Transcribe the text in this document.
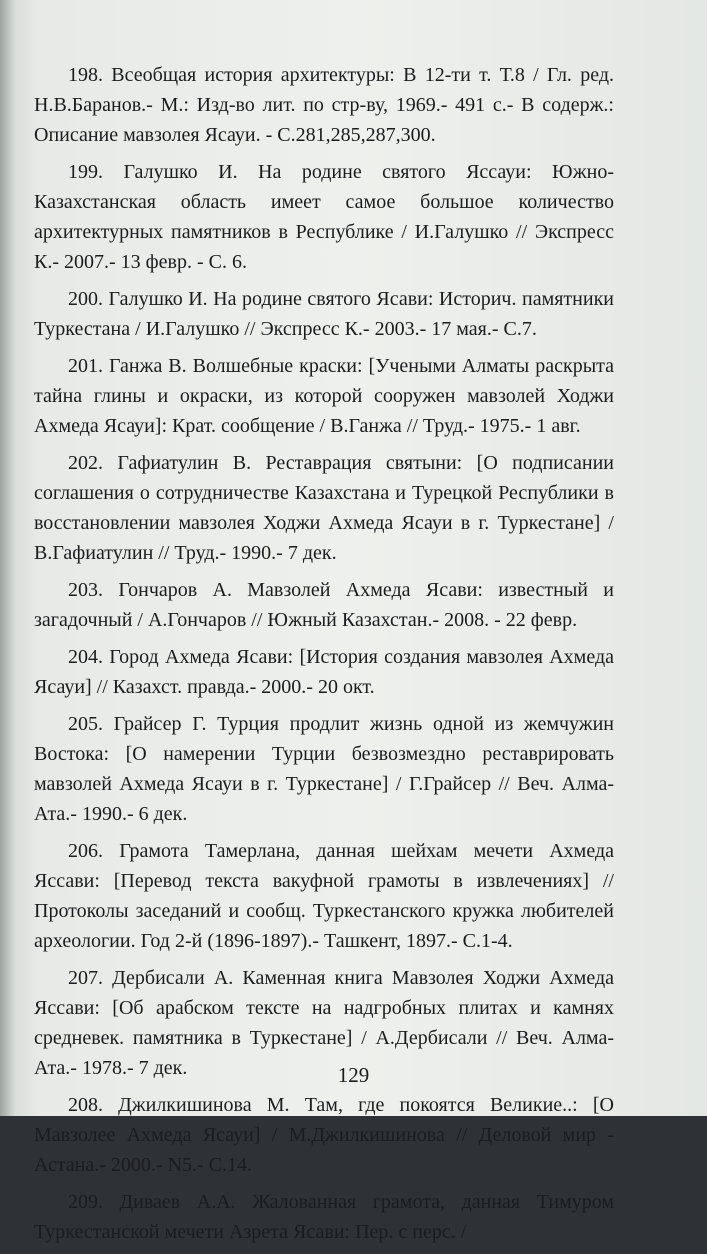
198. Всеобщая история архитектуры: В 12-ти т. Т.8 / Гл. ред. Н.В.Баранов.- М.: Изд-во лит. по стр-ву, 1969.- 491 с.- В содерж.: Описание мавзолея Ясауи. - С.281,285,287,300.

199. Галушко И. На родине святого Яссауи: Южно-Казахстанская область имеет самое большое количество архитектурных памятников в Республике / И.Галушко // Экспресс К.- 2007.- 13 февр. - С. 6.

200. Галушко И. На родине святого Ясави: Историч. памятники Туркестана / И.Галушко // Экспресс К.- 2003.- 17 мая.- С.7.

201. Ганжа В. Волшебные краски: [Учеными Алматы раскрыта тайна глины и окраски, из которой сооружен мавзолей Ходжи Ахмеда Ясауи]: Крат. сообщение / В.Ганжа // Труд.- 1975.- 1 авг.

202. Гафиатулин В. Реставрация святыни: [О подписании соглашения о сотрудничестве Казахстана и Турецкой Республики в восстановлении мавзолея Ходжи Ахмеда Ясауи в г. Туркестане] / В.Гафиатулин // Труд.- 1990.- 7 дек.

203. Гончаров А. Мавзолей Ахмеда Ясави: известный и загадочный / А.Гончаров // Южный Казахстан.- 2008. - 22 февр.

204. Город Ахмеда Ясави: [История создания мавзолея Ахмеда Ясауи] // Казахст. правда.- 2000.- 20 окт.

205. Грайсер Г. Турция продлит жизнь одной из жемчужин Востока: [О намерении Турции безвозмездно реставрировать мавзолей Ахмеда Ясауи в г. Туркестане] / Г.Грайсер // Веч. Алма-Ата.- 1990.- 6 дек.

206. Грамота Тамерлана, данная шейхам мечети Ахмеда Яссави: [Перевод текста вакуфной грамоты в извлечениях] // Протоколы заседаний и сообщ. Туркестанского кружка любителей археологии. Год 2-й (1896-1897).- Ташкент, 1897.- С.1-4.

207. Дербисали А. Каменная книга Мавзолея Ходжи Ахмеда Яссави: [Об арабском тексте на надгробных плитах и камнях средневек. памятника в Туркестане] / А.Дербисали // Веч. Алма-Ата.- 1978.- 7 дек.

208. Джилкишинова М. Там, где покоятся Великие..: [О Мавзолее Ахмеда Ясауи] / М.Джилкишинова // Деловой мир - Астана.- 2000.- N5.- С.14.

209. Диваев А.А. Жалованная грамота, данная Тимуром Туркестанской мечети Азрета Ясави: Пер. с перс. /

129
